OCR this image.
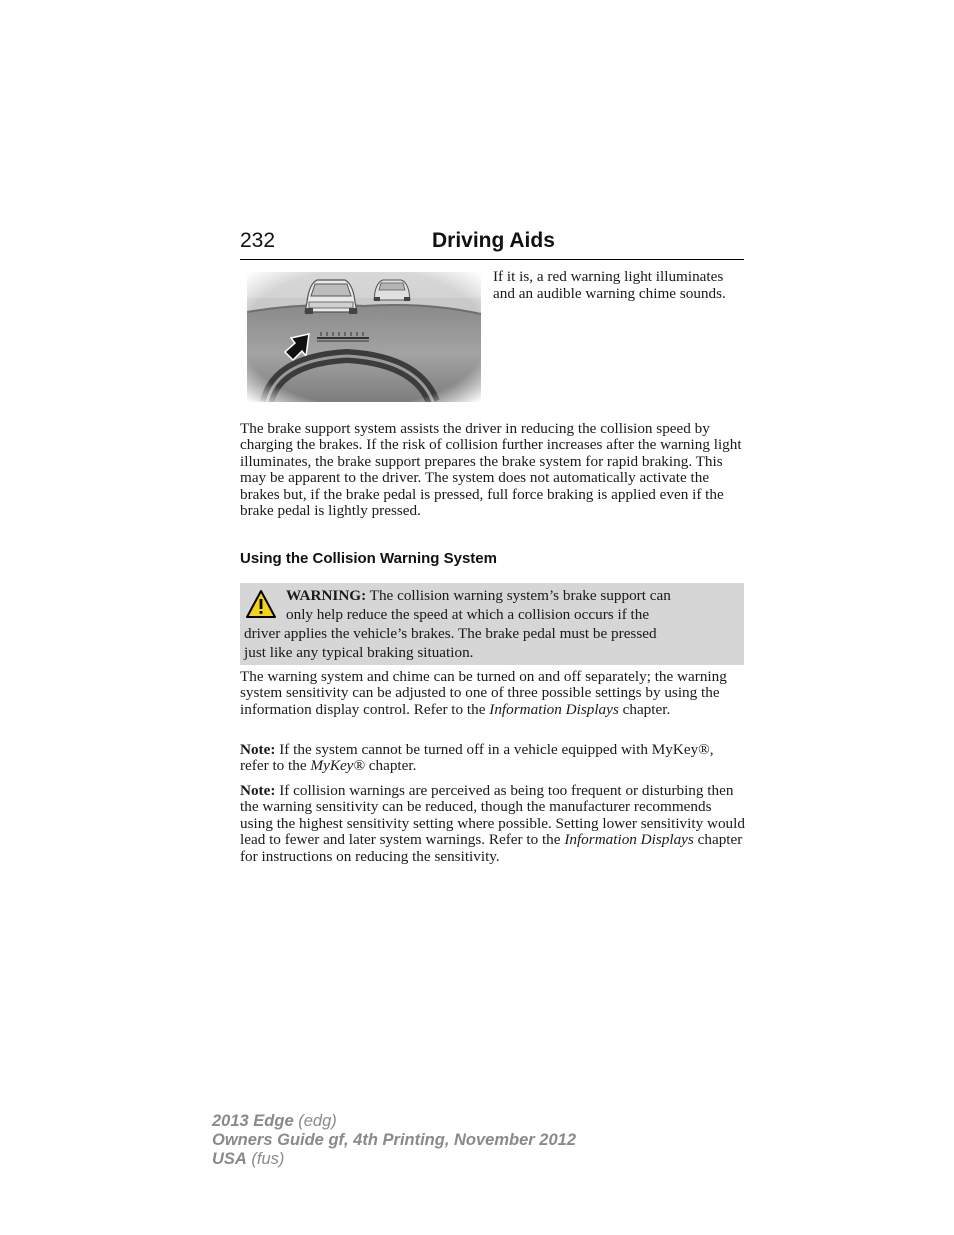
232	Driving Aids
If it is, a red warning light illuminates and an audible warning chime sounds.
The brake support system assists the driver in reducing the collision speed by charging the brakes. If the risk of collision further increases after the warning light illuminates, the brake support prepares the brake system for rapid braking. This may be apparent to the driver. The system does not automatically activate the brakes but, if the brake pedal is pressed, full force braking is applied even if the brake pedal is lightly pressed.
Using the Collision Warning System
WARNING: The collision warning system’s brake support can
only help reduce the speed at which a collision occurs if the
driver applies the vehicle’s brakes. The brake pedal must be pressed
just like any typical braking situation.
The warning system and chime can be turned on and off separately; the warning system sensitivity can be adjusted to one of three possible settings by using the information display control. Refer to the Information Displays chapter.
Note: If the system cannot be turned off in a vehicle equipped with MyKey®, refer to the MyKey® chapter.
Note: If collision warnings are perceived as being too frequent or disturbing then the warning sensitivity can be reduced, though the manufacturer recommends using the highest sensitivity setting where possible. Setting lower sensitivity would lead to fewer and later system warnings. Refer to the Information Displays chapter for instructions on reducing the sensitivity.
2013 Edge (edg)
Owners Guide gf, 4th Printing, November 2012
USA (fus)
